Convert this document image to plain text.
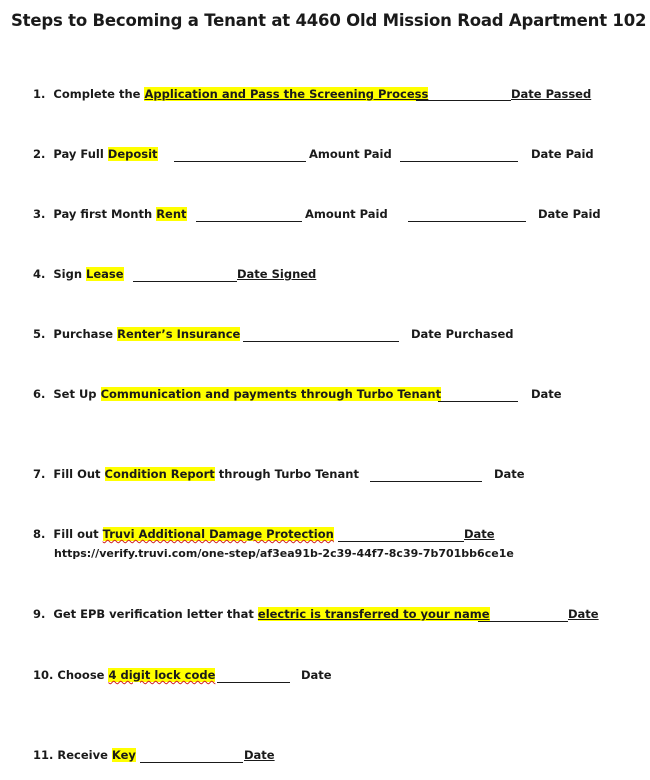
Steps to Becoming a Tenant at 4460 Old Mission Road Apartment 102
1. Complete the Application and Pass the Screening Process	Date Passed
2. Pay Full Deposit	Amount Paid	Date Paid
3. Pay first Month Rent	Amount Paid	Date Paid
4. Sign Lease	Date Signed
5. Purchase Renter’s Insurance	Date Purchased
6. Set Up Communication and payments through Turbo Tenant	Date
7. Fill Out Condition Report through Turbo Tenant	Date
8. Fill out Truvi Additional Damage Protection	Date
https://verify.truvi.com/one-step/af3ea91b-2c39-44f7-8c39-7b701bb6ce1e
9. Get EPB verification letter that electric is transferred to your name	Date
10. Choose 4 digit lock code	Date
11. Receive Key	Date
